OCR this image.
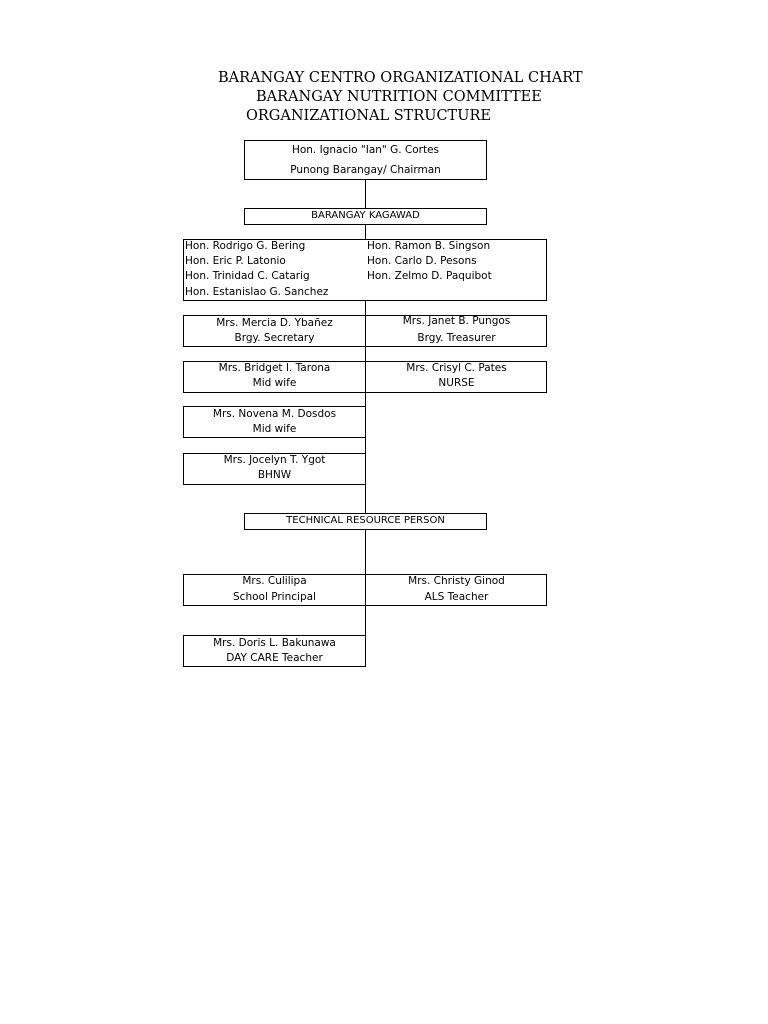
BARANGAY CENTRO ORGANIZATIONAL CHART
BARANGAY NUTRITION COMMITTEE
ORGANIZATIONAL STRUCTURE
Hon. Ignacio "Ian" G. Cortes
Punong Barangay/ Chairman
BARANGAY KAGAWAD
Hon. Rodrigo G. Bering
Hon. Eric P. Latonio
Hon. Trinidad C. Catarig
Hon. Estanislao G. Sanchez
Hon. Ramon B. Singson
Hon. Carlo D. Pesons
Hon. Zelmo D. Paquibot
Mrs. Mercia D. Ybañez
Brgy. Secretary
Mrs. Janet B. Pungos
Brgy. Treasurer
Mrs. Bridget I. Tarona
Mid wife
Mrs. Crisyl C. Pates
NURSE
Mrs. Novena M. Dosdos
Mid wife
Mrs. Jocelyn T. Ygot
BHNW
TECHNICAL RESOURCE PERSON
Mrs. Culilipa
School Principal
Mrs. Christy Ginod
ALS Teacher
Mrs. Doris L. Bakunawa
DAY CARE Teacher
